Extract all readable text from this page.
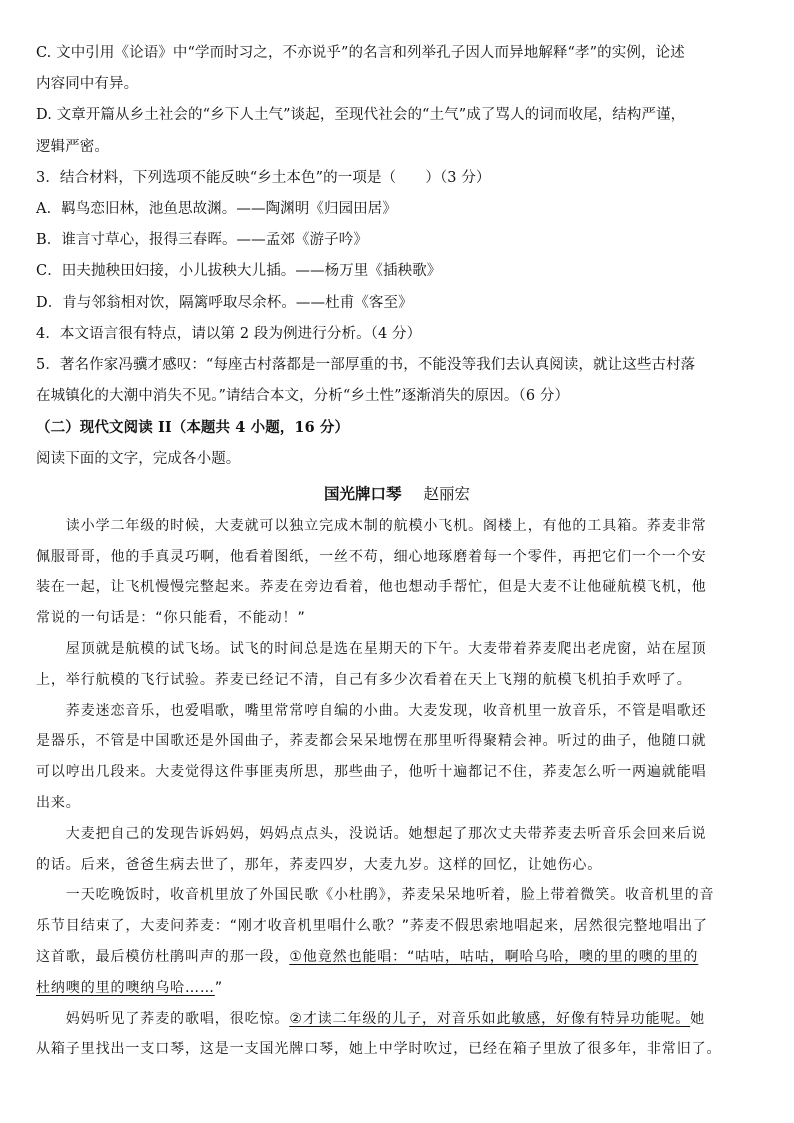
C. 文中引用《论语》中“学而时习之，不亦说乎”的名言和列举孔子因人而异地解释“孝”的实例，论述
内容同中有异。
D. 文章开篇从乡土社会的“乡下人土气”谈起，至现代社会的“土气”成了骂人的词而收尾，结构严谨，
逻辑严密。
3．结合材料，下列选项不能反映“乡土本色”的一项是（　　）（3 分）
A．羁鸟恋旧林，池鱼思故渊。——陶渊明《归园田居》
B．谁言寸草心，报得三春晖。——孟郊《游子吟》
C．田夫抛秧田妇接，小儿拔秧大儿插。——杨万里《插秧歌》
D．肯与邻翁相对饮，隔篱呼取尽余杯。——杜甫《客至》
4．本文语言很有特点，请以第 2 段为例进行分析。（4 分）
5．著名作家冯骥才感叹：“每座古村落都是一部厚重的书，不能没等我们去认真阅读，就让这些古村落
在城镇化的大潮中消失不见。”请结合本文，分析“乡土性”逐渐消失的原因。（6 分）
（二）现代文阅读 II（本题共 4 小题，16 分）
阅读下面的文字，完成各小题。
国光牌口琴 赵丽宏
　　读小学二年级的时候，大麦就可以独立完成木制的航模小飞机。阁楼上，有他的工具箱。荞麦非常
佩服哥哥，他的手真灵巧啊，他看着图纸，一丝不苟，细心地琢磨着每一个零件，再把它们一个一个安
装在一起，让飞机慢慢完整起来。荞麦在旁边看着，他也想动手帮忙，但是大麦不让他碰航模飞机，他
常说的一句话是：“你只能看，不能动！”
　　屋顶就是航模的试飞场。试飞的时间总是选在星期天的下午。大麦带着荞麦爬出老虎窗，站在屋顶
上，举行航模的飞行试验。荞麦已经记不清，自己有多少次看着在天上飞翔的航模飞机拍手欢呼了。
　　荞麦迷恋音乐，也爱唱歌，嘴里常常哼自编的小曲。大麦发现，收音机里一放音乐，不管是唱歌还
是器乐，不管是中国歌还是外国曲子，荞麦都会呆呆地愣在那里听得聚精会神。听过的曲子，他随口就
可以哼出几段来。大麦觉得这件事匪夷所思，那些曲子，他听十遍都记不住，荞麦怎么听一两遍就能唱
出来。
　　大麦把自己的发现告诉妈妈，妈妈点点头，没说话。她想起了那次丈夫带荞麦去听音乐会回来后说
的话。后来，爸爸生病去世了，那年，荞麦四岁，大麦九岁。这样的回忆，让她伤心。
　　一天吃晚饭时，收音机里放了外国民歌《小杜鹃》，荞麦呆呆地听着，脸上带着微笑。收音机里的音
乐节目结束了，大麦问荞麦：“刚才收音机里唱什么歌？”荞麦不假思索地唱起来，居然很完整地唱出了
这首歌，最后模仿杜鹃叫声的那一段，①他竟然也能唱：“咕咕，咕咕，啊哈乌哈，噢的里的噢的里的
杜纳噢的里的噢纳乌哈……”
　　妈妈听见了荞麦的歌唱，很吃惊。②才读二年级的儿子，对音乐如此敏感，好像有特异功能呢。她
从箱子里找出一支口琴，这是一支国光牌口琴，她上中学时吹过，已经在箱子里放了很多年，非常旧了。
